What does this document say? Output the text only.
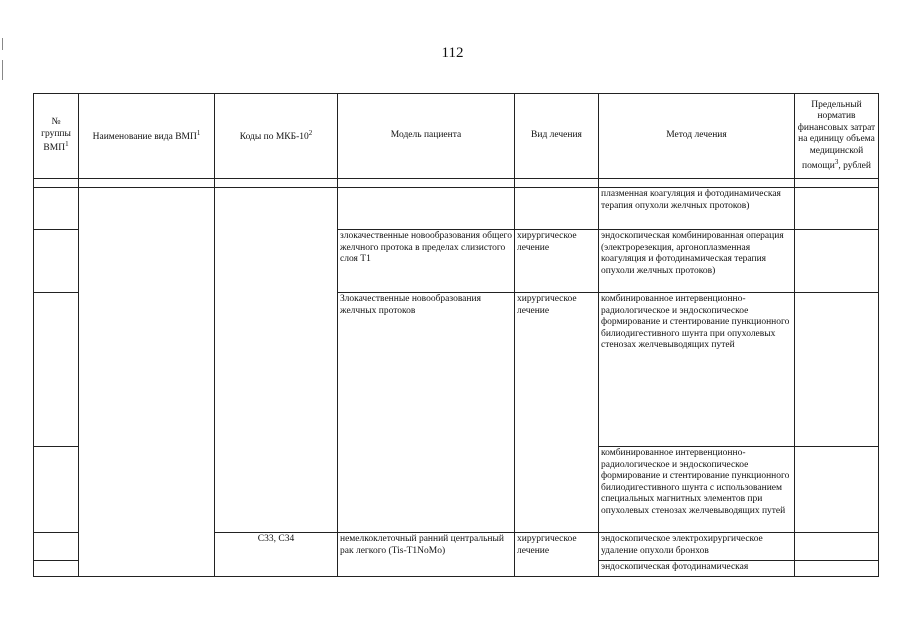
112
№ группы ВМП$^1$	Наименование вида ВМП$^1$	Коды по МКБ-$10^2$	Модель пациента	Вид лечения	Метод лечения	Предельный норматив финансовых затрат на единицу объема медицинской помощи$^3$, рублей

					плазменная коагуляция и фотодинамическая терапия опухоли желчных протоков)	
			злокачественные новообразования общего желчного протока в пределах слизистого слоя T1	хирургическое лечение	эндоскопическая комбинированная операция (электрорезекция, аргоноплазменная коагуляция и фотодинамическая терапия опухоли желчных протоков)	
			Злокачественные новообразования желчных протоков	хирургическое лечение	комбинированное интервенционно-радиологическое и эндоскопическое формирование и стентирование пункционного билиодигестивного шунта при опухолевых стенозах желчевыводящих путей	
					комбинированное интервенционно-радиологическое и эндоскопическое формирование и стентирование пункционного билиодигестивного шунта с использованием специальных магнитных элементов при опухолевых стенозах желчевыводящих путей	
		C33, C34	немелкоклеточный ранний центральный рак легкого (Tis-T1NoMo)	хирургическое лечение	эндоскопическое электрохирургическое удаление опухоли бронхов	
					эндоскопическая фотодинамическая	
